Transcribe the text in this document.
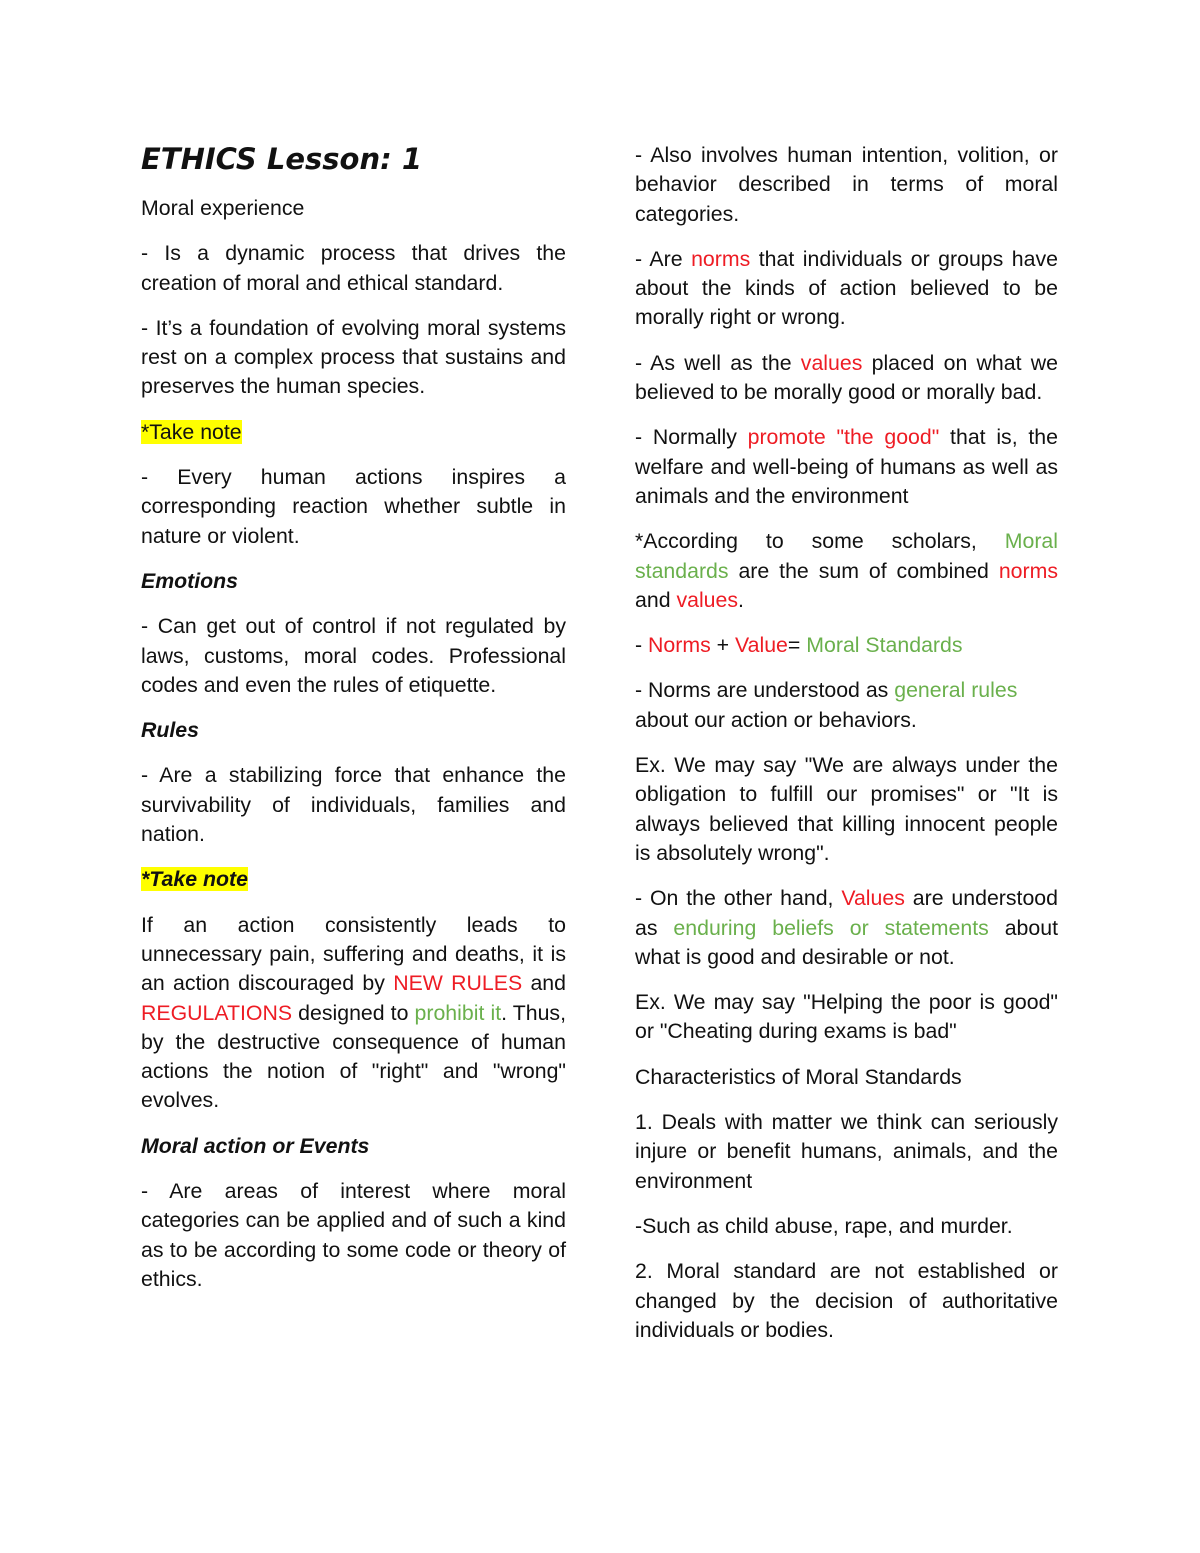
ETHICS Lesson: 1

Moral experience

- Is a dynamic process that drives the creation of moral and ethical standard.

- It’s a foundation of evolving moral systems rest on a complex process that sustains and preserves the human species.

*Take note

- Every human actions inspires a corresponding reaction whether subtle in nature or violent.

Emotions

- Can get out of control if not regulated by laws, customs, moral codes. Professional codes and even the rules of etiquette.

Rules

- Are a stabilizing force that enhance the survivability of individuals, families and nation.

*Take note

If an action consistently leads to unnecessary pain, suffering and deaths, it is an action discouraged by NEW RULES and REGULATIONS designed to prohibit it. Thus, by the destructive consequence of human actions the notion of "right" and "wrong" evolves.

Moral action or Events

- Are areas of interest where moral categories can be applied and of such a kind as to be according to some code or theory of ethics.

- Also involves human intention, volition, or behavior described in terms of moral categories.

- Are norms that individuals or groups have about the kinds of action believed to be morally right or wrong.

- As well as the values placed on what we believed to be morally good or morally bad.

- Normally promote "the good" that is, the welfare and well-being of humans as well as animals and the environment

*According to some scholars, Moral standards are the sum of combined norms and values.

- Norms + Value= Moral Standards

- Norms are understood as general rules about our action or behaviors.

Ex. We may say "We are always under the obligation to fulfill our promises" or "It is always believed that killing innocent people is absolutely wrong".

- On the other hand, Values are understood as enduring beliefs or statements about what is good and desirable or not.

Ex. We may say "Helping the poor is good" or "Cheating during exams is bad"

Characteristics of Moral Standards

1. Deals with matter we think can seriously injure or benefit humans, animals, and the environment

-Such as child abuse, rape, and murder.

2. Moral standard are not established or changed by the decision of authoritative individuals or bodies.
